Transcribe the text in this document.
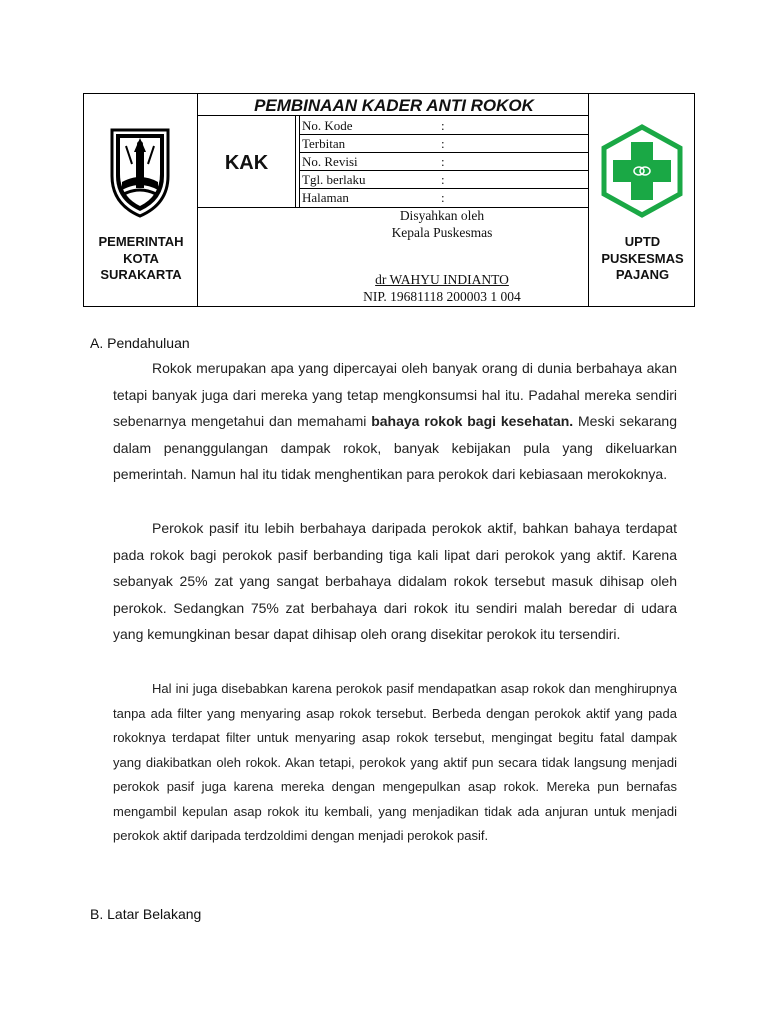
PEMERINTAH
KOTA
SURAKARTA
UPTD
PUSKESMAS
PAJANG
PEMBINAAN KADER ANTI ROKOK
KAK
No. Kode	:
Terbitan	:
No. Revisi	:
Tgl. berlaku	:
Halaman	:
Disyahkan oleh
Kepala Puskesmas
dr WAHYU INDIANTO
NIP. 19681118 200003 1 004
A. Pendahuluan

Rokok merupakan apa yang dipercayai oleh banyak orang di dunia berbahaya akan tetapi banyak juga dari mereka yang tetap mengkonsumsi hal itu. Padahal mereka sendiri sebenarnya mengetahui dan memahami bahaya rokok bagi kesehatan. Meski sekarang dalam penanggulangan dampak rokok, banyak kebijakan pula yang dikeluarkan pemerintah. Namun hal itu tidak menghentikan para perokok dari kebiasaan merokoknya.

Perokok pasif itu lebih berbahaya daripada perokok aktif, bahkan bahaya terdapat pada rokok bagi perokok pasif berbanding tiga kali lipat dari perokok yang aktif. Karena sebanyak 25% zat yang sangat berbahaya didalam rokok tersebut masuk dihisap oleh perokok. Sedangkan 75% zat berbahaya dari rokok itu sendiri malah beredar di udara yang kemungkinan besar dapat dihisap oleh orang disekitar perokok itu tersendiri.

Hal ini juga disebabkan karena perokok pasif mendapatkan asap rokok dan menghirupnya tanpa ada filter yang menyaring asap rokok tersebut. Berbeda dengan perokok aktif yang pada rokoknya terdapat filter untuk menyaring asap rokok tersebut, mengingat begitu fatal dampak yang diakibatkan oleh rokok. Akan tetapi, perokok yang aktif pun secara tidak langsung menjadi perokok pasif juga karena mereka dengan mengepulkan asap rokok. Mereka pun bernafas mengambil kepulan asap rokok itu kembali, yang menjadikan tidak ada anjuran untuk menjadi perokok aktif daripada terdzoldimi dengan menjadi perokok pasif.

B. Latar Belakang
